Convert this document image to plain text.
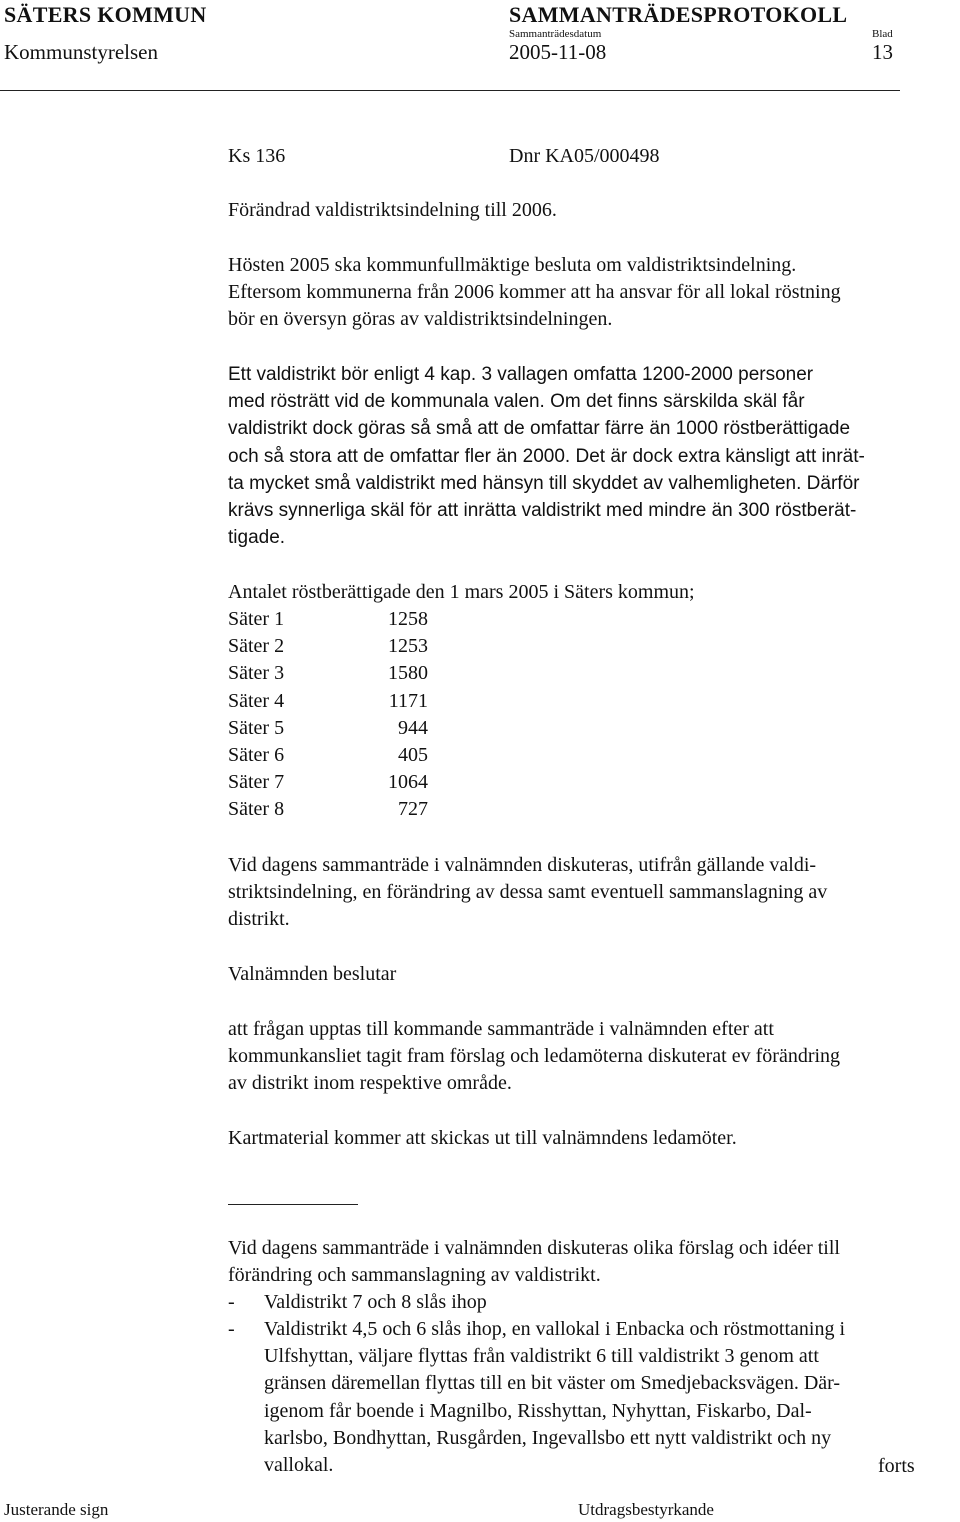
SÄTERS KOMMUN	SAMMANTRÄDESPROTOKOLL
Sammanträdesdatum	Blad
Kommunstyrelsen	2005-11-08	13
Ks 136	Dnr KA05/000498
Förändrad valdistriktsindelning till 2006.
Hösten 2005 ska kommunfullmäktige besluta om valdistriktsindelning.
Eftersom kommunerna från 2006 kommer att ha ansvar för all lokal röstning
bör en översyn göras av valdistriktsindelningen.
Ett valdistrikt bör enligt 4 kap. 3 vallagen omfatta 1200-2000 personer
med rösträtt vid de kommunala valen. Om det finns särskilda skäl får
valdistrikt dock göras så små att de omfattar färre än 1000 röstberättigade
och så stora att de omfattar fler än 2000. Det är dock extra känsligt att inrät-
ta mycket små valdistrikt med hänsyn till skyddet av valhemligheten. Därför
krävs synnerliga skäl för att inrätta valdistrikt med mindre än 300 röstberät-
tigade.
Antalet röstberättigade den 1 mars 2005 i Säters kommun;
Säter 1	1258
Säter 2	1253
Säter 3	1580
Säter 4	1171
Säter 5	944
Säter 6	405
Säter 7	1064
Säter 8	727
Vid dagens sammanträde i valnämnden diskuteras, utifrån gällande valdi-
striktsindelning, en förändring av dessa samt eventuell sammanslagning av
distrikt.
Valnämnden beslutar
att frågan upptas till kommande sammanträde i valnämnden efter att
kommunkansliet tagit fram förslag och ledamöterna diskuterat ev förändring
av distrikt inom respektive område.
Kartmaterial kommer att skickas ut till valnämndens ledamöter.
Vid dagens sammanträde i valnämnden diskuteras olika förslag och idéer till
förändring och sammanslagning av valdistrikt.
- Valdistrikt 7 och 8 slås ihop
- Valdistrikt 4,5 och 6 slås ihop, en vallokal i Enbacka och röstmottaning i
Ulfshyttan, väljare flyttas från valdistrikt 6 till valdistrikt 3 genom att
gränsen däremellan flyttas till en bit väster om Smedjebacksvägen. Där-
igenom får boende i Magnilbo, Risshyttan, Nyhyttan, Fiskarbo, Dal-
karlsbo, Bondhyttan, Rusgården, Ingevallsbo ett nytt valdistrikt och ny
vallokal.	forts
Justerande sign	Utdragsbestyrkande
